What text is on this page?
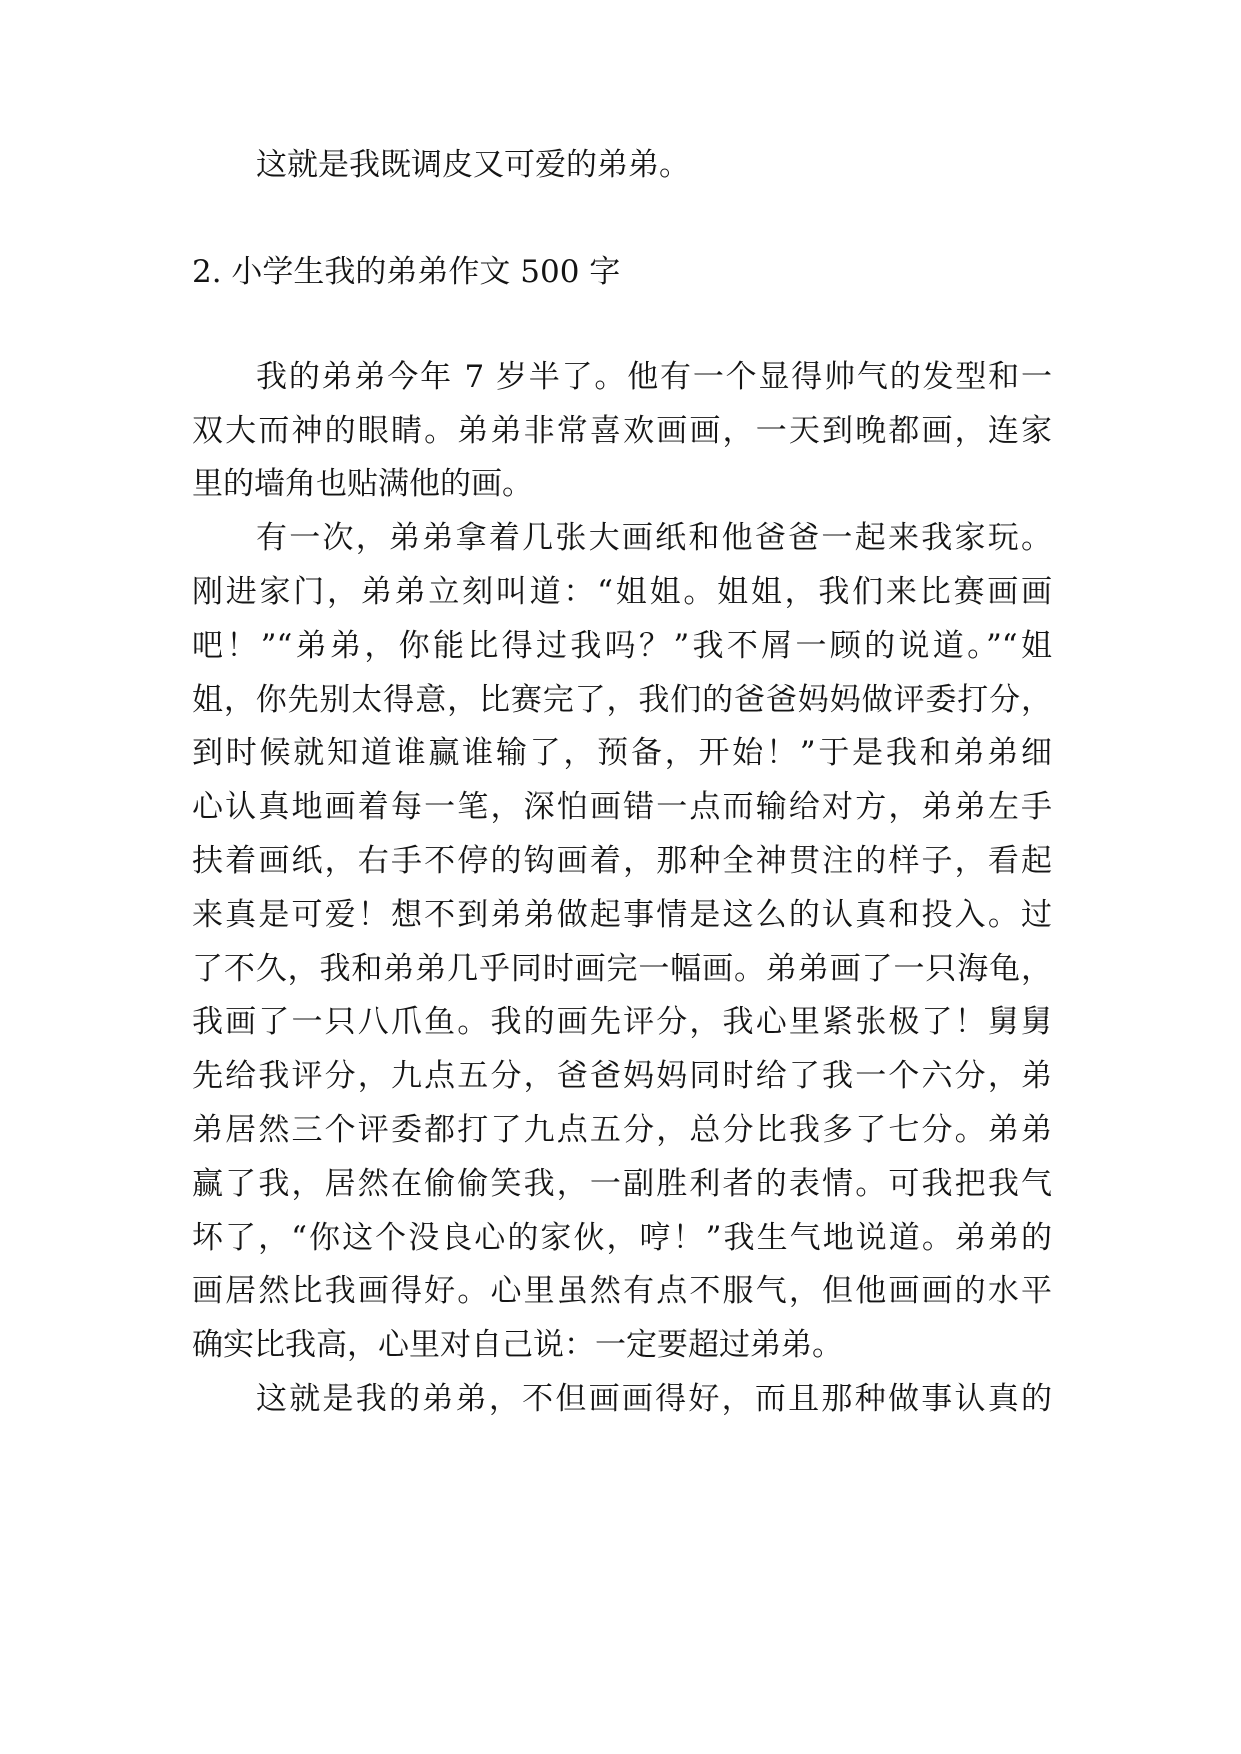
这就是我既调皮又可爱的弟弟。
2. 小学生我的弟弟作文 500 字
我的弟弟今年 7 岁半了。他有一个显得帅气的发型和一
双大而神的眼睛。弟弟非常喜欢画画，一天到晚都画，连家
里的墙角也贴满他的画。
有一次，弟弟拿着几张大画纸和他爸爸一起来我家玩。
刚进家门，弟弟立刻叫道：“姐姐。姐姐，我们来比赛画画
吧！”“弟弟，你能比得过我吗？”我不屑一顾的说道。”“姐
姐，你先别太得意，比赛完了，我们的爸爸妈妈做评委打分，
到时候就知道谁赢谁输了，预备，开始！”于是我和弟弟细
心认真地画着每一笔，深怕画错一点而输给对方，弟弟左手
扶着画纸，右手不停的钩画着，那种全神贯注的样子，看起
来真是可爱！想不到弟弟做起事情是这么的认真和投入。过
了不久，我和弟弟几乎同时画完一幅画。弟弟画了一只海龟，
我画了一只八爪鱼。我的画先评分，我心里紧张极了！舅舅
先给我评分，九点五分，爸爸妈妈同时给了我一个六分，弟
弟居然三个评委都打了九点五分，总分比我多了七分。弟弟
赢了我，居然在偷偷笑我，一副胜利者的表情。可我把我气
坏了，“你这个没良心的家伙，哼！”我生气地说道。弟弟的
画居然比我画得好。心里虽然有点不服气，但他画画的水平
确实比我高，心里对自己说：一定要超过弟弟。
这就是我的弟弟，不但画画得好，而且那种做事认真的
